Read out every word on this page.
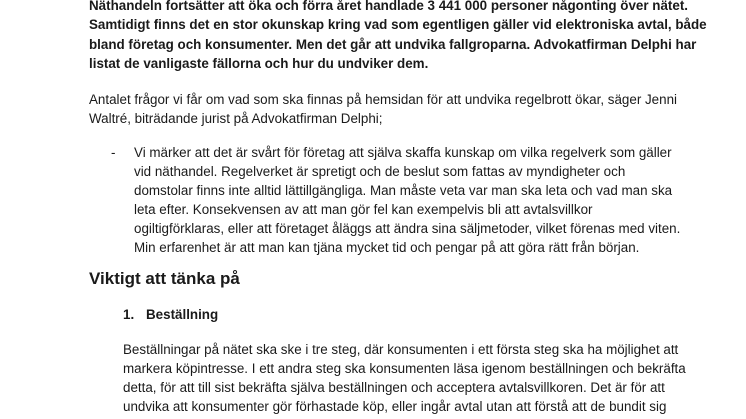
Näthandeln fortsätter att öka och förra året handlade 3 441 000 personer någonting över nätet.
Samtidigt finns det en stor okunskap kring vad som egentligen gäller vid elektroniska avtal, både
bland företag och konsumenter. Men det går att undvika fallgroparna. Advokatfirman Delphi har
listat de vanligaste fällorna och hur du undviker dem.
Antalet frågor vi får om vad som ska finnas på hemsidan för att undvika regelbrott ökar, säger Jenni
Waltré, biträdande jurist på Advokatfirman Delphi;
- Vi märker att det är svårt för företag att själva skaffa kunskap om vilka regelverk som gäller
vid näthandel. Regelverket är spretigt och de beslut som fattas av myndigheter och
domstolar finns inte alltid lättillgängliga. Man måste veta var man ska leta och vad man ska
leta efter. Konsekvensen av att man gör fel kan exempelvis bli att avtalsvillkor
ogiltigförklaras, eller att företaget åläggs att ändra sina säljmetoder, vilket förenas med viten.
Min erfarenhet är att man kan tjäna mycket tid och pengar på att göra rätt från början.
Viktigt att tänka på
1. Beställning
Beställningar på nätet ska ske i tre steg, där konsumenten i ett första steg ska ha möjlighet att
markera köpintresse. I ett andra steg ska konsumenten läsa igenom beställningen och bekräfta
detta, för att till sist bekräfta själva beställningen och acceptera avtalsvillkoren. Det är för att
undvika att konsumenter gör förhastade köp, eller ingår avtal utan att förstå att de bundit sig
